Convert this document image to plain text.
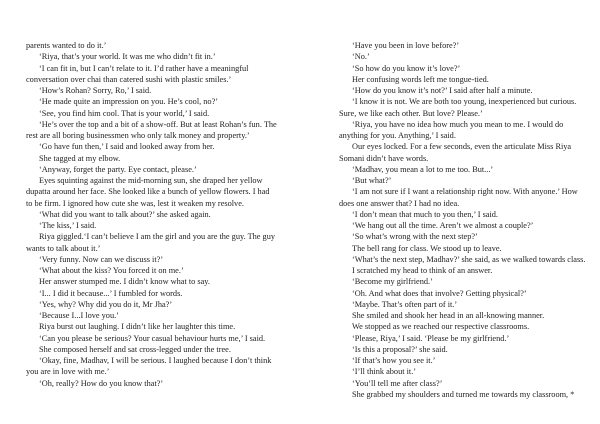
parents wanted to do it.’

‘Riya, that’s your world. It was me who didn’t fit in.’

‘I can fit in, but I can’t relate to it. I’d rather have a meaningful conversation over chai than catered sushi with plastic smiles.’

‘How’s Rohan? Sorry, Ro,’ I said.

‘He made quite an impression on you. He’s cool, no?’

‘See, you find him cool. That is your world,’ I said.

‘He’s over the top and a bit of a show-off. But at least Rohan’s fun. The rest are all boring businessmen who only talk money and property.’

‘Go have fun then,’ I said and looked away from her.

She tagged at my elbow.

‘Anyway, forget the party. Eye contact, please.’

Eyes squinting against the mid-morning sun, she draped her yellow dupatta around her face. She looked like a bunch of yellow flowers. I had to be firm. I ignored how cute she was, lest it weaken my resolve.

‘What did you want to talk about?’ she asked again.

‘The kiss,’ I said.

Riya giggled.‘I can’t believe I am the girl and you are the guy. The guy wants to talk about it.’

‘Very funny. Now can we discuss it?’

‘What about the kiss? You forced it on me.’

Her answer stumped me. I didn’t know what to say.

‘I... I did it because...’ I fumbled for words.

‘Yes, why? Why did you do it, Mr Jha?’

‘Because I...I love you.’

Riya burst out laughing. I didn’t like her laughter this time.

‘Can you please be serious? Your casual behaviour hurts me,’ I said.

She composed herself and sat cross-legged under the tree.

‘Okay, fine, Madhav, I will be serious. I laughed because I don’t think you are in love with me.’

‘Oh, really? How do you know that?’

‘Have you been in love before?’

‘No.’

‘So how do you know it’s love?’

Her confusing words left me tongue-tied.

‘How do you know it’s not?’ I said after half a minute.

‘I know it is not. We are both too young, inexperienced but curious. Sure, we like each other. But love? Please.’

‘Riya, you have no idea how much you mean to me. I would do anything for you. Anything,’ I said.

Our eyes locked. For a few seconds, even the articulate Miss Riya Somani didn’t have words.

‘Madhav, you mean a lot to me too. But...’

‘But what?’

‘I am not sure if I want a relationship right now. With anyone.’ How does one answer that? I had no idea.

‘I don’t mean that much to you then,’ I said.

‘We hang out all the time. Aren’t we almost a couple?’

‘So what’s wrong with the next step?’

The bell rang for class. We stood up to leave.

‘What’s the next step, Madhav?’ she said, as we walked towards class.

I scratched my head to think of an answer.

‘Become my girlfriend.’

‘Oh. And what does that involve? Getting physical?’

‘Maybe. That’s often part of it.’

She smiled and shook her head in an all-knowing manner.

We stopped as we reached our respective classrooms.

‘Please, Riya,’ I said. ‘Please be my girlfriend.’

‘Is this a proposal?’ she said.

‘If that’s how you see it.’

‘I’ll think about it.’

‘You’ll tell me after class?’

She grabbed my shoulders and turned me towards my classroom, *
